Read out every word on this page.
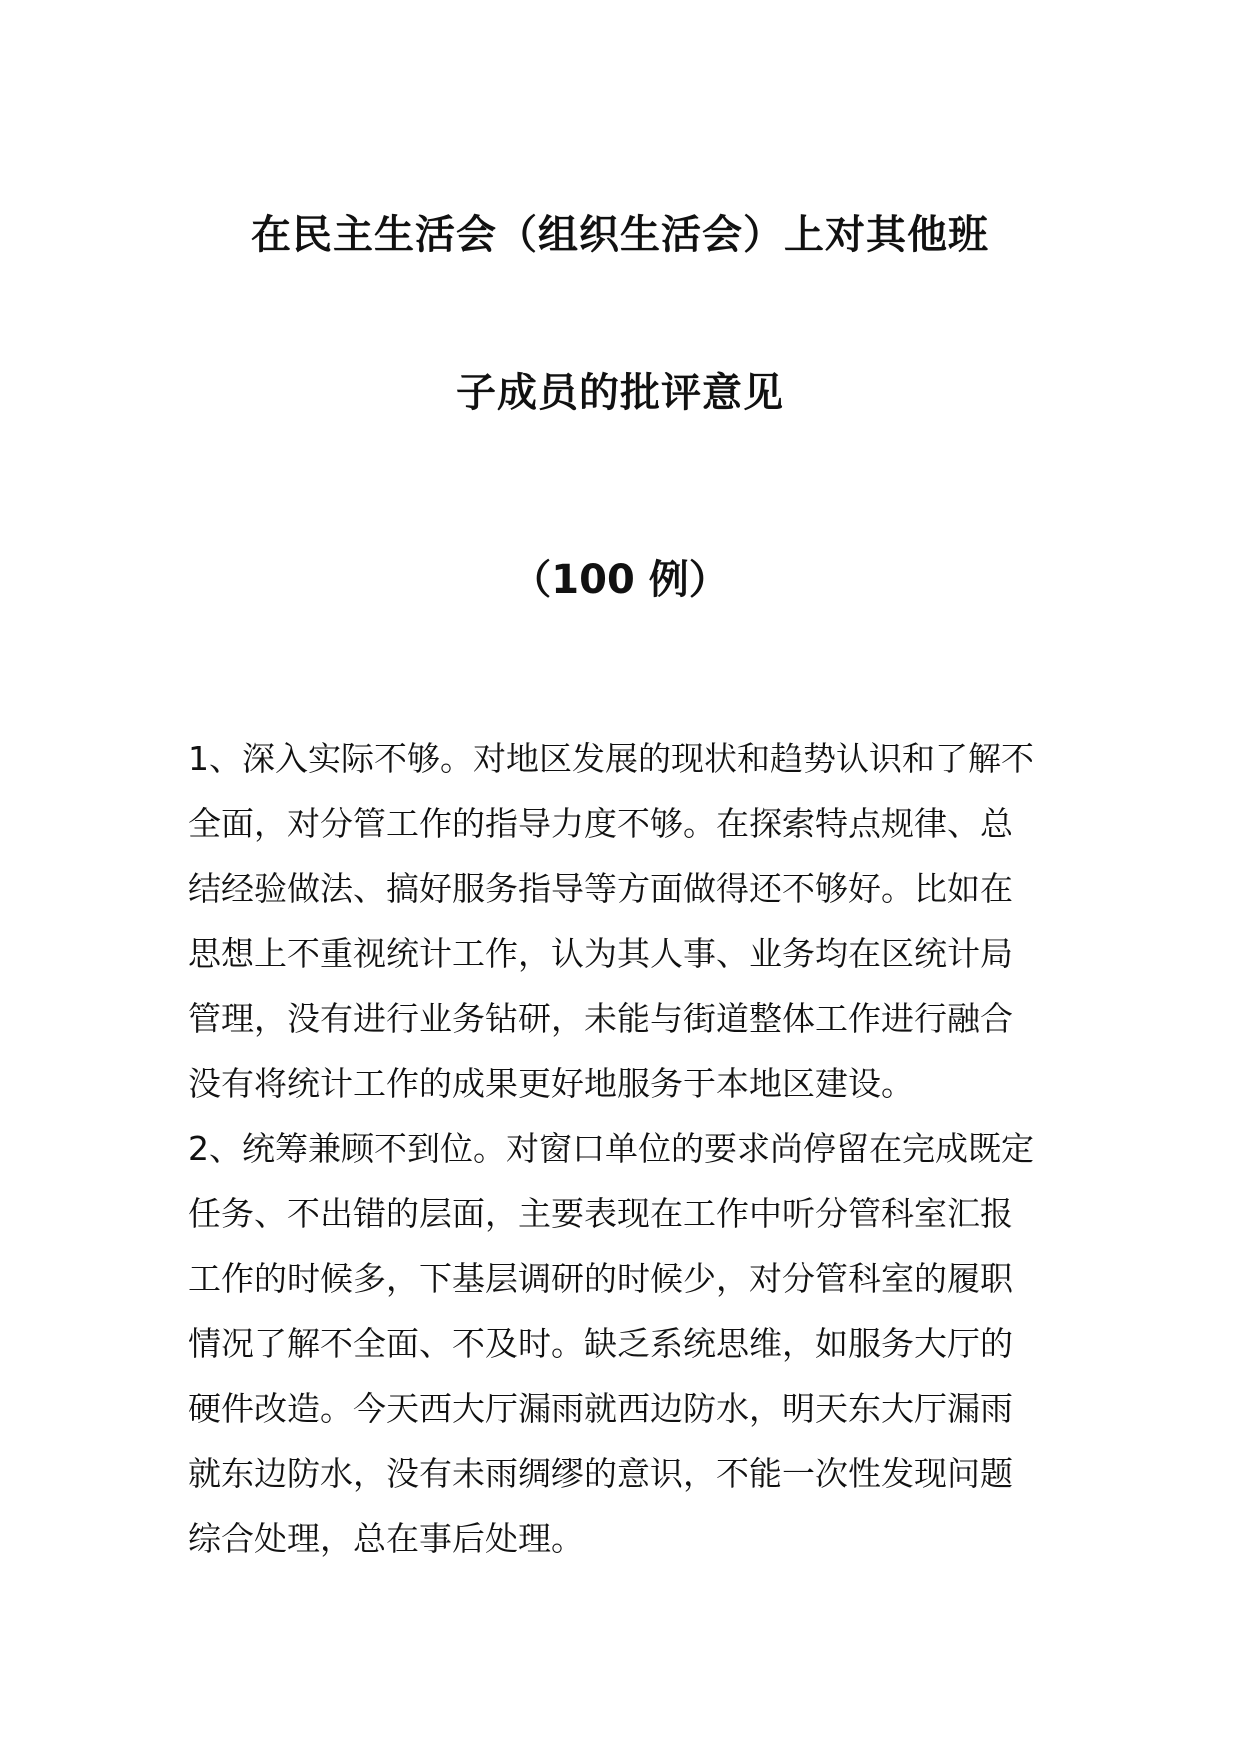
在民主生活会（组织生活会）上对其他班
子成员的批评意见
（100 例）
1、深入实际不够。对地区发展的现状和趋势认识和了解不
全面，对分管工作的指导力度不够。在探索特点规律、总
结经验做法、搞好服务指导等方面做得还不够好。比如在
思想上不重视统计工作，认为其人事、业务均在区统计局
管理，没有进行业务钻研，未能与街道整体工作进行融合
没有将统计工作的成果更好地服务于本地区建设。
2、统筹兼顾不到位。对窗口单位的要求尚停留在完成既定
任务、不出错的层面，主要表现在工作中听分管科室汇报
工作的时候多，下基层调研的时候少，对分管科室的履职
情况了解不全面、不及时。缺乏系统思维，如服务大厅的
硬件改造。今天西大厅漏雨就西边防水，明天东大厅漏雨
就东边防水，没有未雨绸缪的意识，不能一次性发现问题
综合处理，总在事后处理。
